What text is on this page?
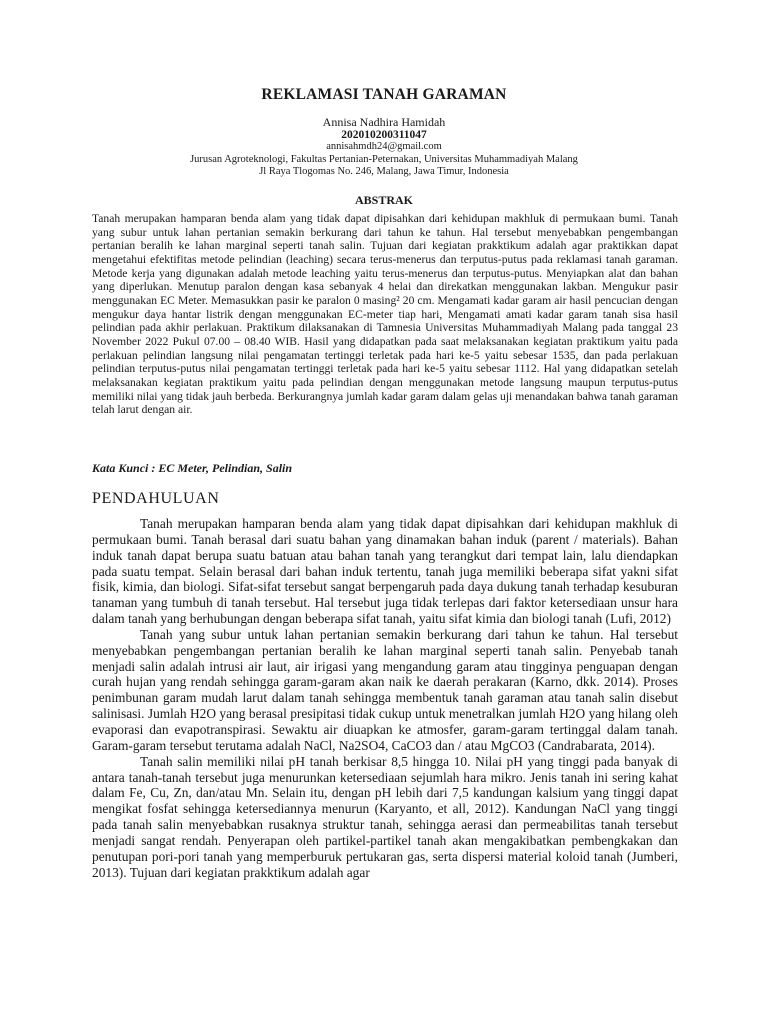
REKLAMASI TANAH GARAMAN
Annisa Nadhira Hamidah
202010200311047
annisahmdh24@gmail.com
Jurusan Agroteknologi, Fakultas Pertanian-Peternakan, Universitas Muhammadiyah Malang
Jl Raya Tlogomas No. 246, Malang, Jawa Timur, Indonesia
ABSTRAK

Tanah merupakan hamparan benda alam yang tidak dapat dipisahkan dari kehidupan makhluk di permukaan bumi. Tanah yang subur untuk lahan pertanian semakin berkurang dari tahun ke tahun. Hal tersebut menyebabkan pengembangan pertanian beralih ke lahan marginal seperti tanah salin. Tujuan dari kegiatan prakktikum adalah agar praktikkan dapat mengetahui efektifitas metode pelindian (leaching) secara terus-menerus dan terputus-putus pada reklamasi tanah garaman. Metode kerja yang digunakan adalah metode leaching yaitu terus-menerus dan terputus-putus. Menyiapkan alat dan bahan yang diperlukan. Menutup paralon dengan kasa sebanyak 4 helai dan direkatkan menggunakan lakban. Mengukur pasir menggunakan EC Meter. Memasukkan pasir ke paralon 0 masing² 20 cm. Mengamati kadar garam air hasil pencucian dengan mengukur daya hantar listrik dengan menggunakan EC-meter tiap hari, Mengamati amati kadar garam tanah sisa hasil pelindian pada akhir perlakuan. Praktikum dilaksanakan di Tamnesia Universitas Muhammadiyah Malang pada tanggal 23 November 2022 Pukul 07.00 – 08.40 WIB. Hasil yang didapatkan pada saat melaksanakan kegiatan praktikum yaitu pada perlakuan pelindian langsung nilai pengamatan tertinggi terletak pada hari ke-5 yaitu sebesar 1535, dan pada perlakuan pelindian terputus-putus nilai pengamatan tertinggi terletak pada hari ke-5 yaitu sebesar 1112. Hal yang didapatkan setelah melaksanakan kegiatan praktikum yaitu pada pelindian dengan menggunakan metode langsung maupun terputus-putus memiliki nilai yang tidak jauh berbeda. Berkurangnya jumlah kadar garam dalam gelas uji menandakan bahwa tanah garaman telah larut dengan air.

Kata Kunci : EC Meter, Pelindian, Salin

PENDAHULUAN

Tanah merupakan hamparan benda alam yang tidak dapat dipisahkan dari kehidupan makhluk di permukaan bumi. Tanah berasal dari suatu bahan yang dinamakan bahan induk (parent / materials). Bahan induk tanah dapat berupa suatu batuan atau bahan tanah yang terangkut dari tempat lain, lalu diendapkan pada suatu tempat. Selain berasal dari bahan induk tertentu, tanah juga memiliki beberapa sifat yakni sifat fisik, kimia, dan biologi. Sifat-sifat tersebut sangat berpengaruh pada daya dukung tanah terhadap kesuburan tanaman yang tumbuh di tanah tersebut. Hal tersebut juga tidak terlepas dari faktor ketersediaan unsur hara dalam tanah yang berhubungan dengan beberapa sifat tanah, yaitu sifat kimia dan biologi tanah (Lufi, 2012)

Tanah yang subur untuk lahan pertanian semakin berkurang dari tahun ke tahun. Hal tersebut menyebabkan pengembangan pertanian beralih ke lahan marginal seperti tanah salin. Penyebab tanah menjadi salin adalah intrusi air laut, air irigasi yang mengandung garam atau tingginya penguapan dengan curah hujan yang rendah sehingga garam-garam akan naik ke daerah perakaran (Karno, dkk. 2014). Proses penimbunan garam mudah larut dalam tanah sehingga membentuk tanah garaman atau tanah salin disebut salinisasi. Jumlah H2O yang berasal presipitasi tidak cukup untuk menetralkan jumlah H2O yang hilang oleh evaporasi dan evapotranspirasi. Sewaktu air diuapkan ke atmosfer, garam-garam tertinggal dalam tanah. Garam-garam tersebut terutama adalah NaCl, Na2SO4, CaCO3 dan / atau MgCO3 (Candrabarata, 2014).

Tanah salin memiliki nilai pH tanah berkisar 8,5 hingga 10. Nilai pH yang tinggi pada banyak di antara tanah-tanah tersebut juga menurunkan ketersediaan sejumlah hara mikro. Jenis tanah ini sering kahat dalam Fe, Cu, Zn, dan/atau Mn. Selain itu, dengan pH lebih dari 7,5 kandungan kalsium yang tinggi dapat mengikat fosfat sehingga ketersediannya menurun (Karyanto, et all, 2012). Kandungan NaCl yang tinggi pada tanah salin menyebabkan rusaknya struktur tanah, sehingga aerasi dan permeabilitas tanah tersebut menjadi sangat rendah. Penyerapan oleh partikel-partikel tanah akan mengakibatkan pembengkakan dan penutupan pori-pori tanah yang memperburuk pertukaran gas, serta dispersi material koloid tanah (Jumberi, 2013). Tujuan dari kegiatan prakktikum adalah agar
